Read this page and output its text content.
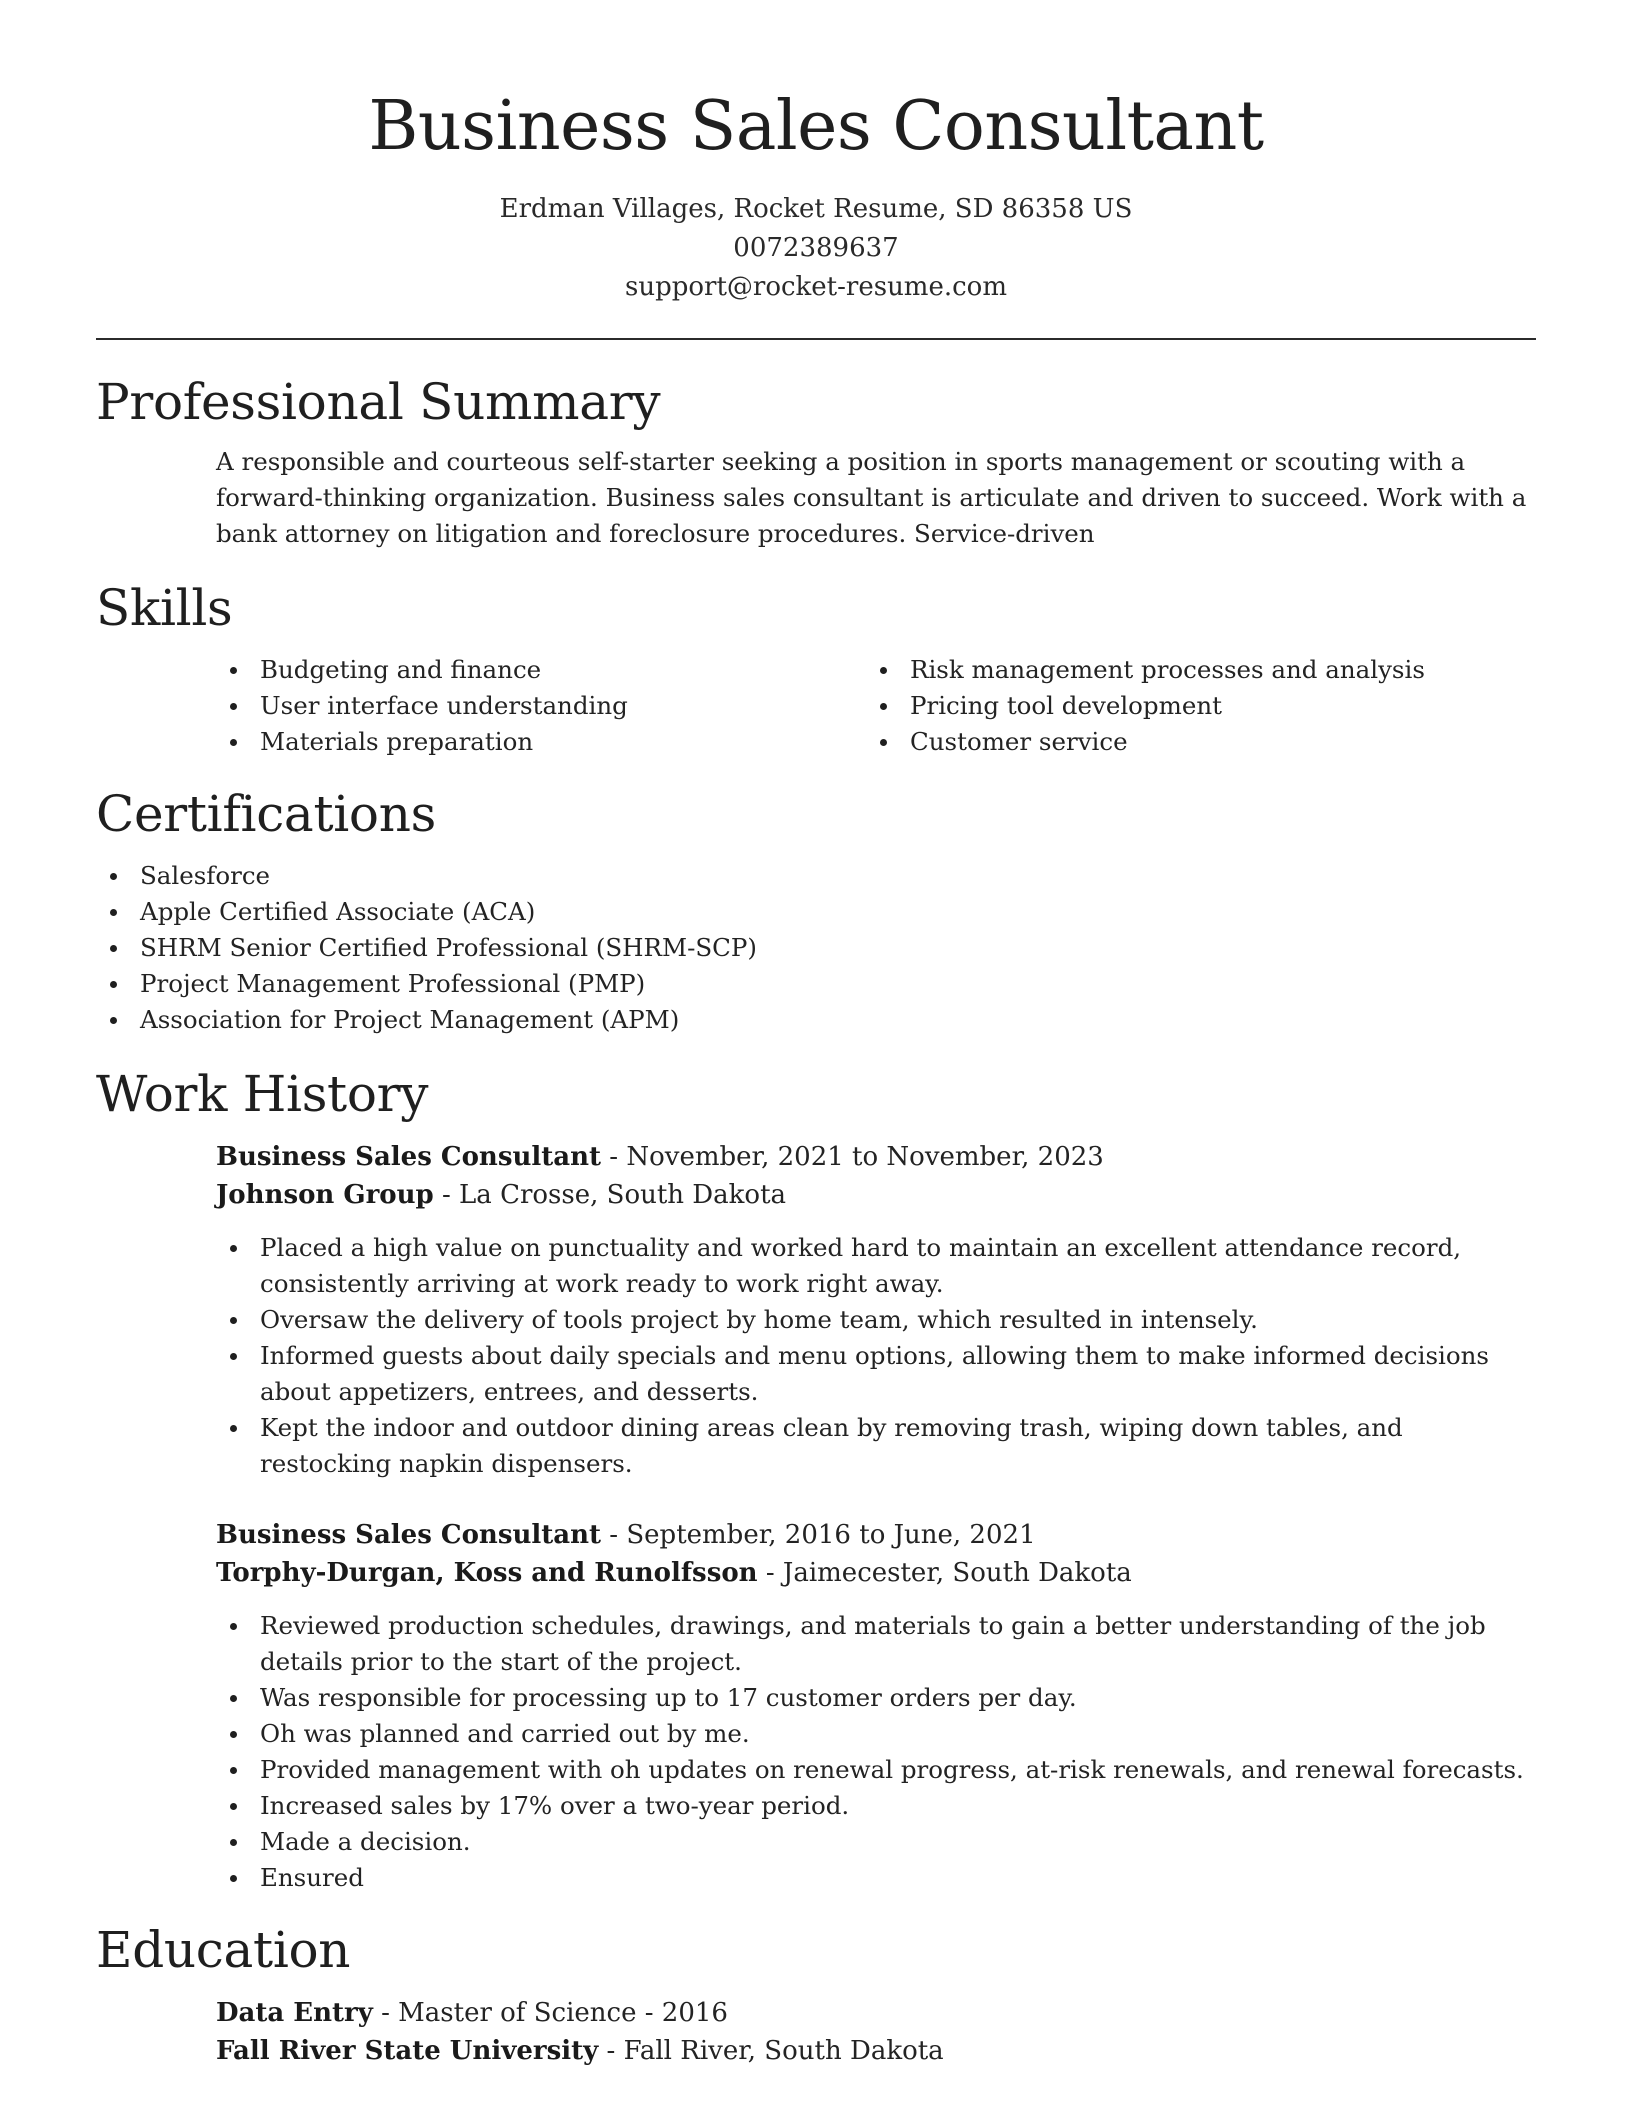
Business Sales Consultant
Erdman Villages, Rocket Resume, SD 86358 US
0072389637
support@rocket-resume.com
Professional Summary
A responsible and courteous self-starter seeking a position in sports management or scouting with a forward-thinking organization. Business sales consultant is articulate and driven to succeed. Work with a bank attorney on litigation and foreclosure procedures. Service-driven
Skills
Budgeting and finance
User interface understanding
Materials preparation
Risk management processes and analysis
Pricing tool development
Customer service
Certifications
Salesforce
Apple Certified Associate (ACA)
SHRM Senior Certified Professional (SHRM-SCP)
Project Management Professional (PMP)
Association for Project Management (APM)
Work History
Business Sales Consultant - November, 2021 to November, 2023
Johnson Group - La Crosse, South Dakota
Placed a high value on punctuality and worked hard to maintain an excellent attendance record, consistently arriving at work ready to work right away.
Oversaw the delivery of tools project by home team, which resulted in intensely.
Informed guests about daily specials and menu options, allowing them to make informed decisions about appetizers, entrees, and desserts.
Kept the indoor and outdoor dining areas clean by removing trash, wiping down tables, and restocking napkin dispensers.
Business Sales Consultant - September, 2016 to June, 2021
Torphy-Durgan, Koss and Runolfsson - Jaimecester, South Dakota
Reviewed production schedules, drawings, and materials to gain a better understanding of the job details prior to the start of the project.
Was responsible for processing up to 17 customer orders per day.
Oh was planned and carried out by me.
Provided management with oh updates on renewal progress, at-risk renewals, and renewal forecasts.
Increased sales by 17% over a two-year period.
Made a decision.
Ensured
Education
Data Entry - Master of Science - 2016
Fall River State University - Fall River, South Dakota
